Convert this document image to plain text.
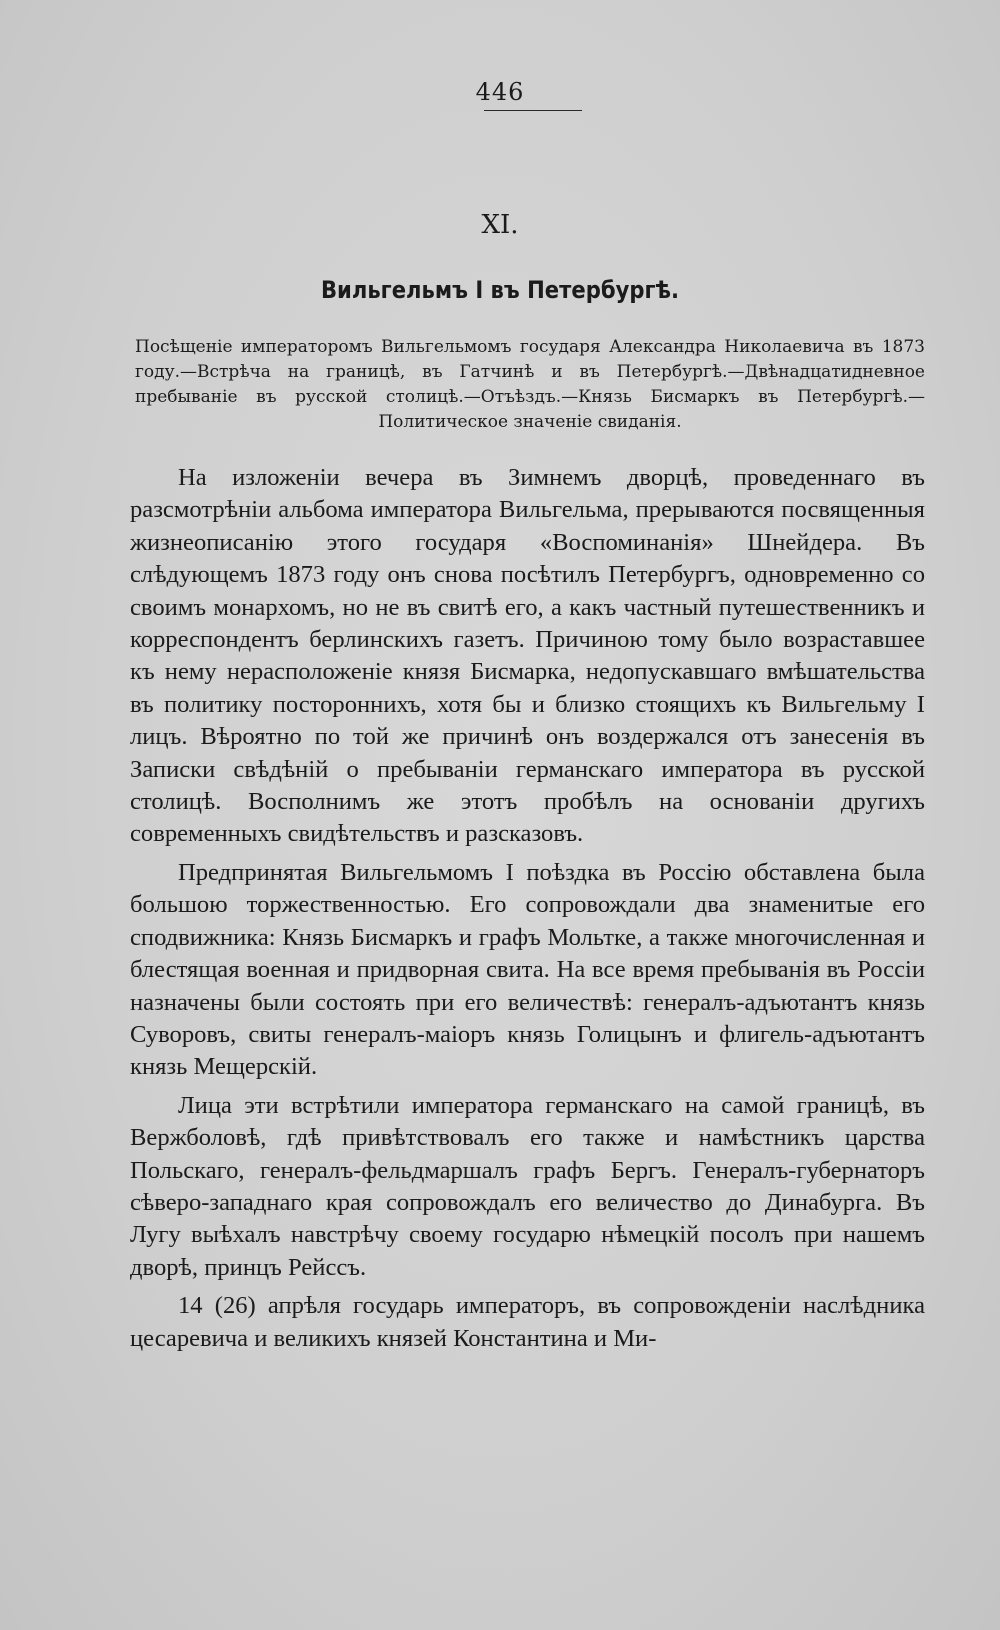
446
XI.
Вильгельмъ I въ Петербургѣ.
Посѣщеніе императоромъ Вильгельмомъ государя Александра Николаевича въ 1873 году.—Встрѣча на границѣ, въ Гатчинѣ и въ Петербургѣ.—Двѣнадцатидневное пребываніе въ русской столицѣ.—Отъѣздъ.—Князь Бисмаркъ въ Петербургѣ.—Политическое значеніе свиданія.

На изложеніи вечера въ Зимнемъ дворцѣ, проведеннаго въ разсмотрѣніи альбома императора Вильгельма, прерываются посвященныя жизнеописанію этого государя «Воспоминанія» Шнейдера. Въ слѣдующемъ 1873 году онъ снова посѣтилъ Петербургъ, одновременно со своимъ монархомъ, но не въ свитѣ его, а какъ частный путешественникъ и корреспондентъ берлинскихъ газетъ. Причиною тому было возраставшее къ нему нерасположеніе князя Бисмарка, недопускавшаго вмѣшательства въ политику постороннихъ, хотя бы и близко стоящихъ къ Вильгельму I лицъ. Вѣроятно по той же причинѣ онъ воздержался отъ занесенія въ Записки свѣдѣній о пребываніи германскаго императора въ русской столицѣ. Восполнимъ же этотъ пробѣлъ на основаніи другихъ современныхъ свидѣтельствъ и разсказовъ.

Предпринятая Вильгельмомъ I поѣздка въ Россію обставлена была большою торжественностью. Его сопровождали два знаменитые его сподвижника: Князь Бисмаркъ и графъ Мольтке, а также многочисленная и блестящая военная и придворная свита. На все время пребыванія въ Россіи назначены были состоять при его величествѣ: генералъ-адъютантъ князь Суворовъ, свиты генералъ-маіоръ князь Голицынъ и флигель-адъютантъ князь Мещерскій.

Лица эти встрѣтили императора германскаго на самой границѣ, въ Вержболовѣ, гдѣ привѣтствовалъ его также и намѣстникъ царства Польскаго, генералъ-фельдмаршалъ графъ Бергъ. Генералъ-губернаторъ сѣверо-западнаго края сопровождалъ его величество до Динабурга. Въ Лугу выѣхалъ навстрѣчу своему государю нѣмецкій посолъ при нашемъ дворѣ, принцъ Рейссъ.

14 (26) апрѣля государь императоръ, въ сопровожденіи наслѣдника цесаревича и великихъ князей Константина и Ми-
